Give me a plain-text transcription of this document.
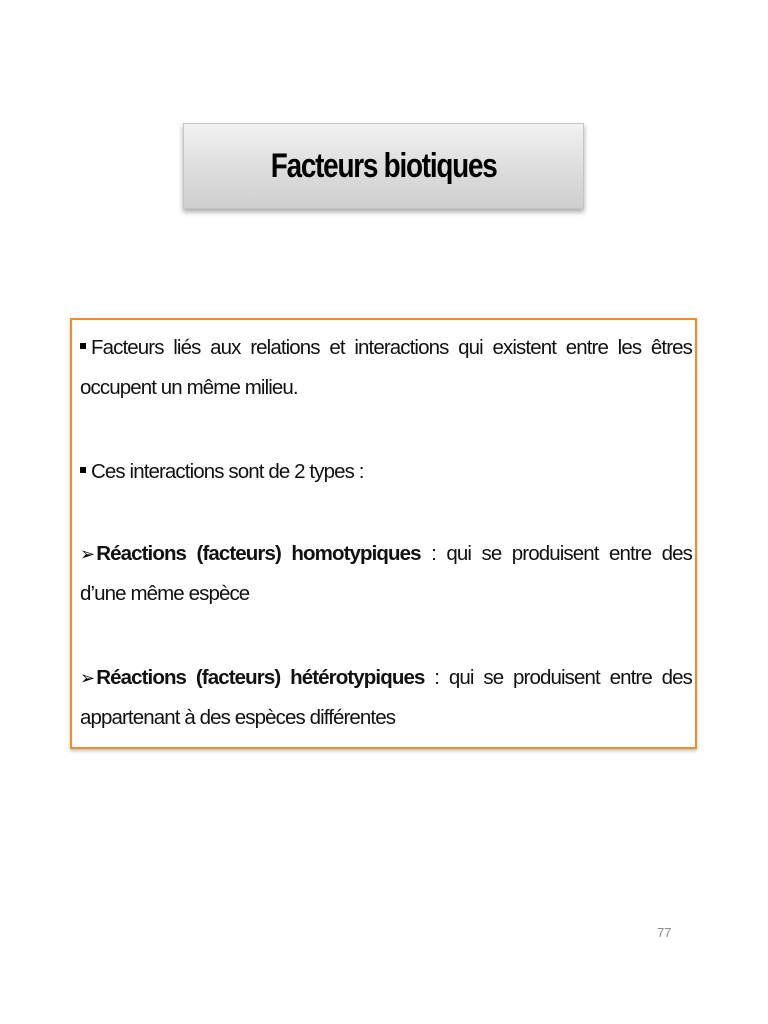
Facteurs biotiques
Facteurs liés aux relations et interactions qui existent entre les êtres
occupent un même milieu.
Ces interactions sont de 2 types :
➢Réactions (facteurs) homotypiques : qui se produisent entre des
d’une même espèce
➢Réactions (facteurs) hétérotypiques : qui se produisent entre des
appartenant à des espèces différentes
77
